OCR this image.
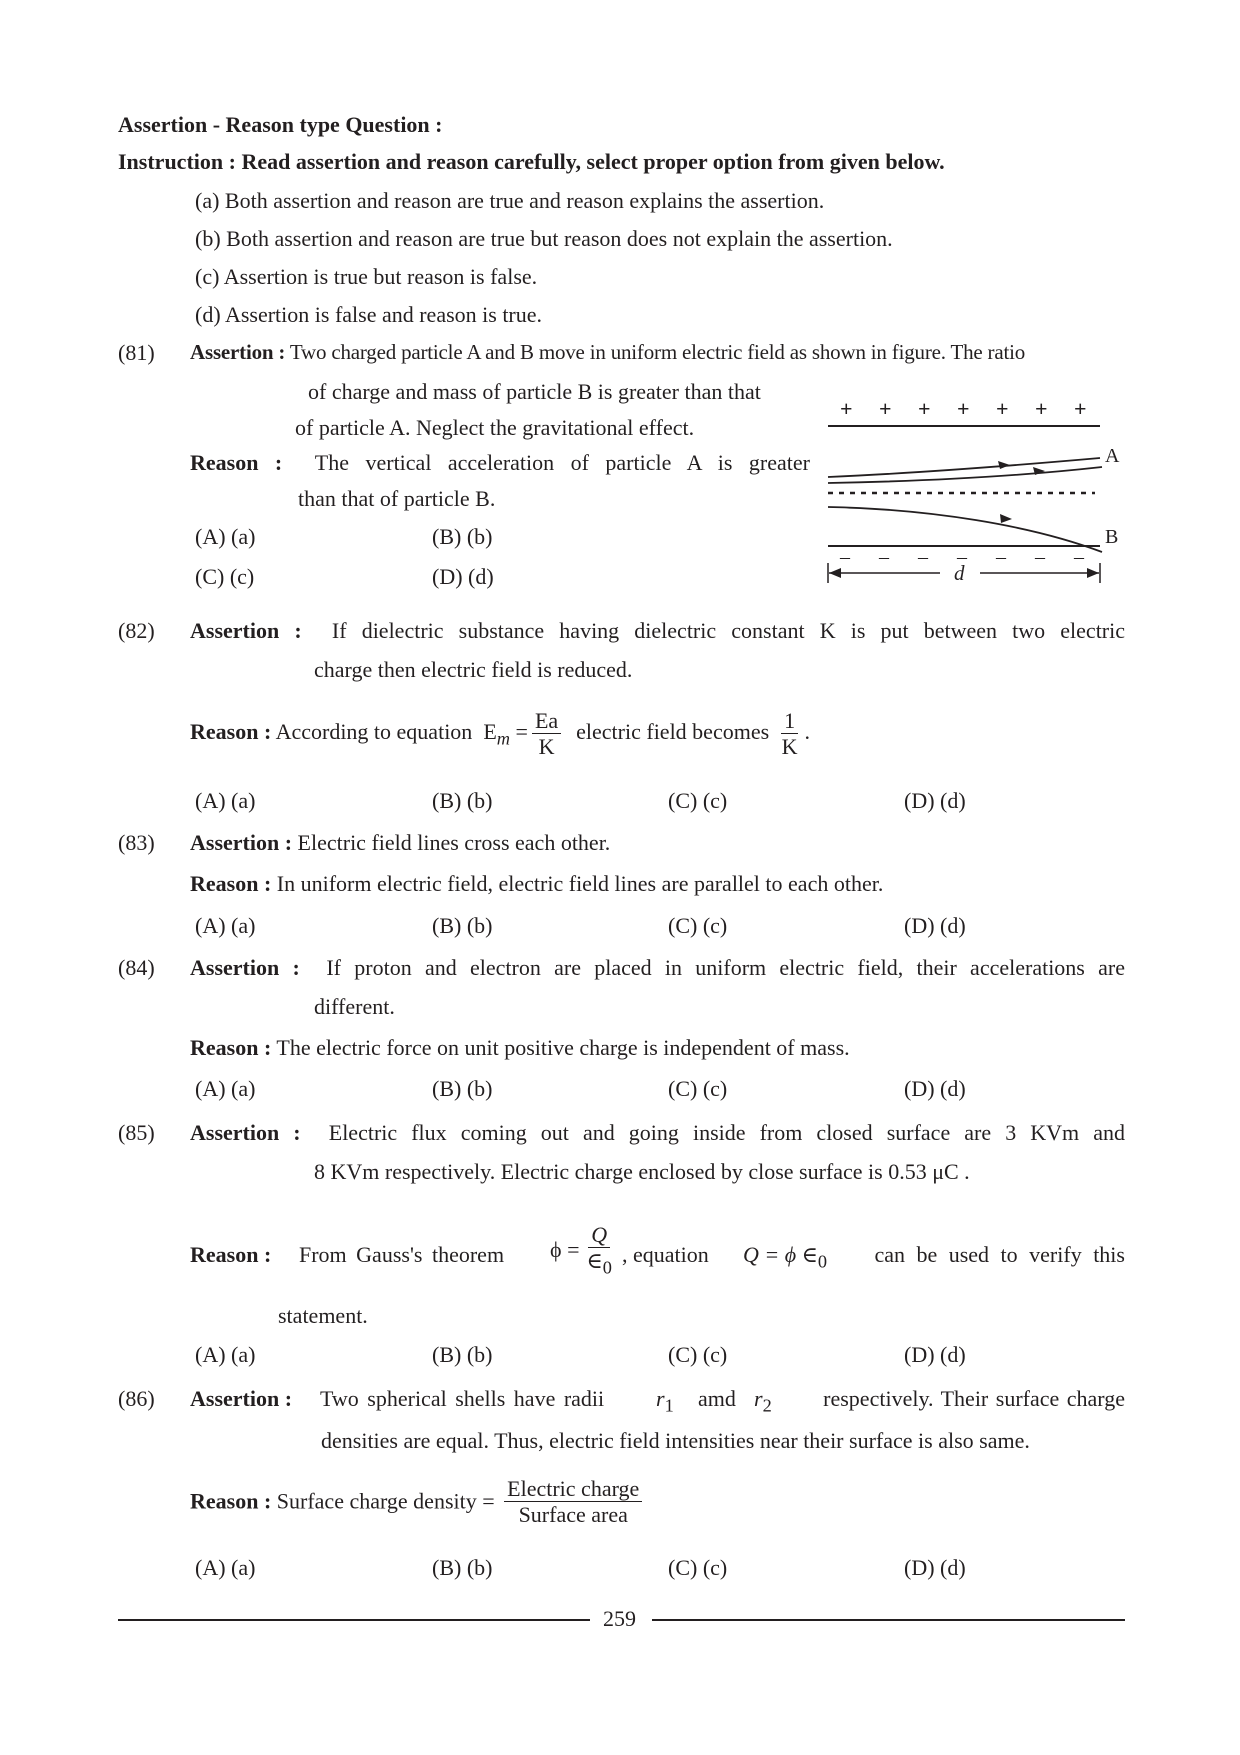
Assertion - Reason type Question :
Instruction : Read assertion and reason carefully, select proper option from given below.
(a) Both assertion and reason are true and reason explains the assertion.
(b) Both assertion and reason are true but reason does not explain the assertion.
(c) Assertion is true but reason is false.
(d) Assertion is false and reason is true.
(81) Assertion : Two charged particle A and B move in uniform electric field as shown in figure. The ratio
of charge and mass of particle B is greater than that
of particle A. Neglect the gravitational effect.
Reason : The vertical acceleration of particle A is greater
than that of particle B.
(A) (a)	(B) (b)
(C) (c)	(D) (d)
+ + + + + + +
A
B
– – – – – – –
d
(82) Assertion : If dielectric substance having dielectric constant K is put between two electric
charge then electric field is reduced.
Reason : According to equation $E_m = \frac{Ea}{K}$ electric field becomes $\frac{1}{K}$ .
(A) (a)	(B) (b)	(C) (c)	(D) (d)
(83) Assertion : Electric field lines cross each other.
Reason : In uniform electric field, electric field lines are parallel to each other.
(A) (a)	(B) (b)	(C) (c)	(D) (d)
(84) Assertion : If proton and electron are placed in uniform electric field, their accelerations are
different.
Reason : The electric force on unit positive charge is independent of mass.
(A) (a)	(B) (b)	(C) (c)	(D) (d)
(85) Assertion : Electric flux coming out and going inside from closed surface are 3 KVm and
8 KVm respectively. Electric charge enclosed by close surface is 0.53 μC .
Reason : From Gauss's theorem $\phi = \frac{Q}{\in_0}$ , equation Q = ϕ $\in_0$ can be used to verify this
statement.
(A) (a)	(B) (b)	(C) (c)	(D) (d)
(86) Assertion : Two spherical shells have radii $r_1$ amd $r_2$ respectively. Their surface charge
densities are equal. Thus, electric field intensities near their surface is also same.
Reason : Surface charge density = $\frac{\text{Electric charge}}{\text{Surface area}}$
(A) (a)	(B) (b)	(C) (c)	(D) (d)
259
